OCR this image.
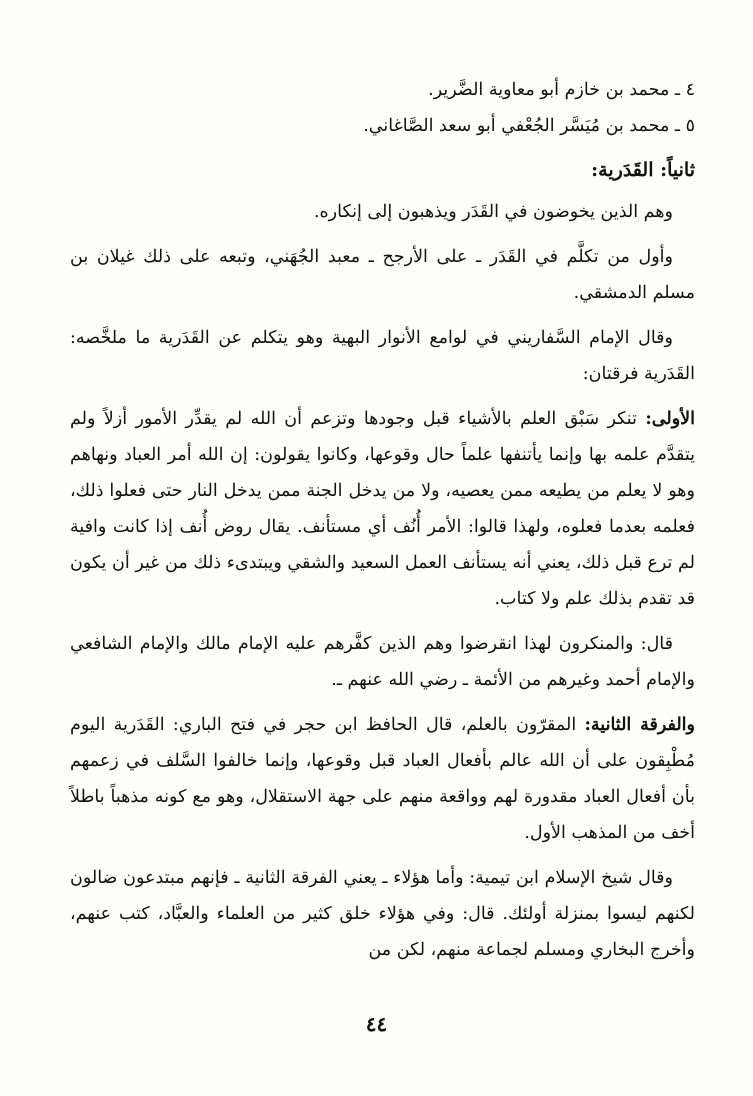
٤ ـ محمد بن خازم أبو معاوية الضَّرير.

٥ ـ محمد بن مُيَسَّر الجُعْفي أبو سعد الصَّاغاني.

ثانياً: القَدَرية:

وهم الذين يخوضون في القَدَر ويذهبون إلى إنكاره.

وأول من تكلَّم في القَدَر ـ على الأرجح ـ معبد الجُهَني، وتبعه على ذلك غيلان بن مسلم الدمشقي.

وقال الإمام السَّفاريني في لوامع الأنوار البهية وهو يتكلم عن القَدَرية ما ملخَّصه: القَدَرية فرقتان:

الأولى: تنكر سَبْق العلم بالأشياء قبل وجودها وتزعم أن الله لم يقدِّر الأمور أزلاً ولم يتقدَّم علمه بها وإنما يأتنفها علماً حال وقوعها، وكانوا يقولون: إن الله أمر العباد ونهاهم وهو لا يعلم من يطيعه ممن يعصيه، ولا من يدخل الجنة ممن يدخل النار حتى فعلوا ذلك، فعلمه بعدما فعلوه، ولهذا قالوا: الأمر أُنُف أي مستأنف. يقال روض أُنف إذا كانت وافية لم ترع قبل ذلك، يعني أنه يستأنف العمل السعيد والشقي ويبتدىء ذلك من غير أن يكون قد تقدم بذلك علم ولا كتاب.

قال: والمنكرون لهذا انقرضوا وهم الذين كفَّرهم عليه الإمام مالك والإمام الشافعي والإمام أحمد وغيرهم من الأئمة ـ رضي الله عنهم ـ.

والفرقة الثانية: المقرّون بالعلم، قال الحافظ ابن حجر في فتح الباري: القَدَرية اليوم مُطْبِقون على أن الله عالم بأفعال العباد قبل وقوعها، وإنما خالفوا السَّلف في زعمهم بأن أفعال العباد مقدورة لهم وواقعة منهم على جهة الاستقلال، وهو مع كونه مذهباً باطلاً أخف من المذهب الأول.

وقال شيخ الإسلام ابن تيمية: وأما هؤلاء ـ يعني الفرقة الثانية ـ فإنهم مبتدعون ضالون لكنهم ليسوا بمنزلة أولئك. قال: وفي هؤلاء خلق كثير من العلماء والعبَّاد، كتب عنهم، وأخرج البخاري ومسلم لجماعة منهم، لكن من

٤٤
